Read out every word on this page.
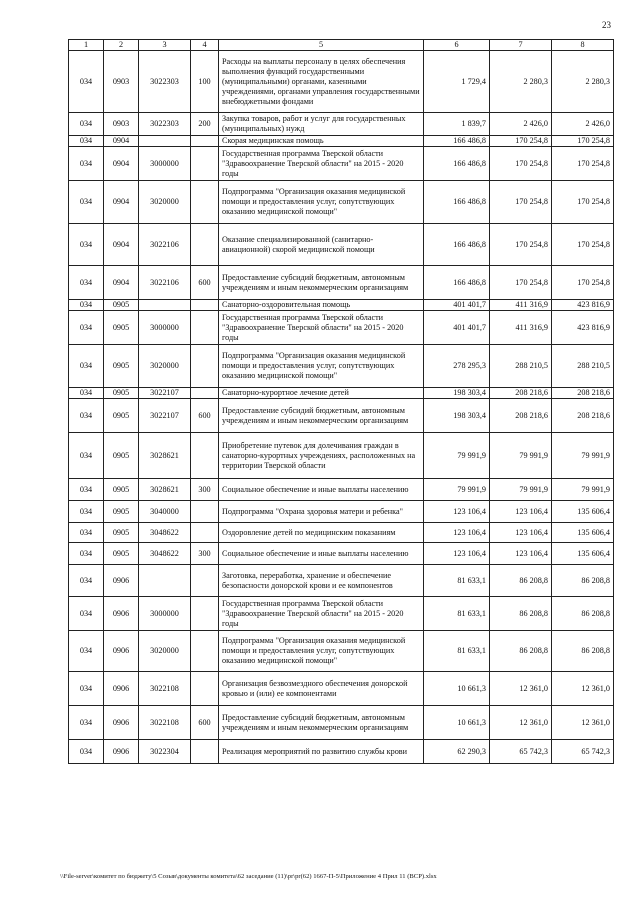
23
1	2	3	4	5	6	7	8
034	0903	3022303	100	Расходы на выплаты персоналу в целях обеспечения выполнения функций государственными (муниципальными) органами, казенными учреждениями, органами управления государственными внебюджетными фондами	1 729,4	2 280,3	2 280,3
034	0903	3022303	200	Закупка товаров, работ и услуг для государственных (муниципальных) нужд	1 839,7	2 426,0	2 426,0
034	0904			Скорая медицинская помощь	166 486,8	170 254,8	170 254,8
034	0904	3000000		Государственная программа Тверской области "Здравоохранение Тверской области" на 2015 - 2020 годы	166 486,8	170 254,8	170 254,8
034	0904	3020000		Подпрограмма "Организация оказания медицинской помощи и предоставления услуг, сопутствующих оказанию медицинской помощи"	166 486,8	170 254,8	170 254,8
034	0904	3022106		Оказание специализированной (санитарно-авиационной) скорой медицинской помощи	166 486,8	170 254,8	170 254,8
034	0904	3022106	600	Предоставление субсидий бюджетным, автономным учреждениям и иным некоммерческим организациям	166 486,8	170 254,8	170 254,8
034	0905			Санаторно-оздоровительная помощь	401 401,7	411 316,9	423 816,9
034	0905	3000000		Государственная программа Тверской области "Здравоохранение Тверской области" на 2015 - 2020 годы	401 401,7	411 316,9	423 816,9
034	0905	3020000		Подпрограмма "Организация оказания медицинской помощи и предоставления услуг, сопутствующих оказанию медицинской помощи"	278 295,3	288 210,5	288 210,5
034	0905	3022107		Санаторно-курортное лечение детей	198 303,4	208 218,6	208 218,6
034	0905	3022107	600	Предоставление субсидий бюджетным, автономным учреждениям и иным некоммерческим организациям	198 303,4	208 218,6	208 218,6
034	0905	3028621		Приобретение путевок для долечивания граждан в санаторно-курортных учреждениях, расположенных на территории Тверской области	79 991,9	79 991,9	79 991,9
034	0905	3028621	300	Социальное обеспечение и иные выплаты населению	79 991,9	79 991,9	79 991,9
034	0905	3040000		Подпрограмма "Охрана здоровья матери и ребенка"	123 106,4	123 106,4	135 606,4
034	0905	3048622		Оздоровление детей по медицинским показаниям	123 106,4	123 106,4	135 606,4
034	0905	3048622	300	Социальное обеспечение и иные выплаты населению	123 106,4	123 106,4	135 606,4
034	0906			Заготовка, переработка, хранение и обеспечение безопасности донорской крови и ее компонентов	81 633,1	86 208,8	86 208,8
034	0906	3000000		Государственная программа Тверской области "Здравоохранение Тверской области" на 2015 - 2020 годы	81 633,1	86 208,8	86 208,8
034	0906	3020000		Подпрограмма "Организация оказания медицинской помощи и предоставления услуг, сопутствующих оказанию медицинской помощи"	81 633,1	86 208,8	86 208,8
034	0906	3022108		Организация безвозмездного обеспечения донорской кровью и (или) ее компонентами	10 661,3	12 361,0	12 361,0
034	0906	3022108	600	Предоставление субсидий бюджетным, автономным учреждениям и иным некоммерческим организациям	10 661,3	12 361,0	12 361,0
034	0906	3022304		Реализация мероприятий по развитию службы крови	62 290,3	65 742,3	65 742,3
\\File-server\комитет по бюджету\5 Созыв\документы комитета\62 заседание (11)\pr\pr(62) 1667-П-5\Приложение 4 Прил 11 (ВСР).xlsx
